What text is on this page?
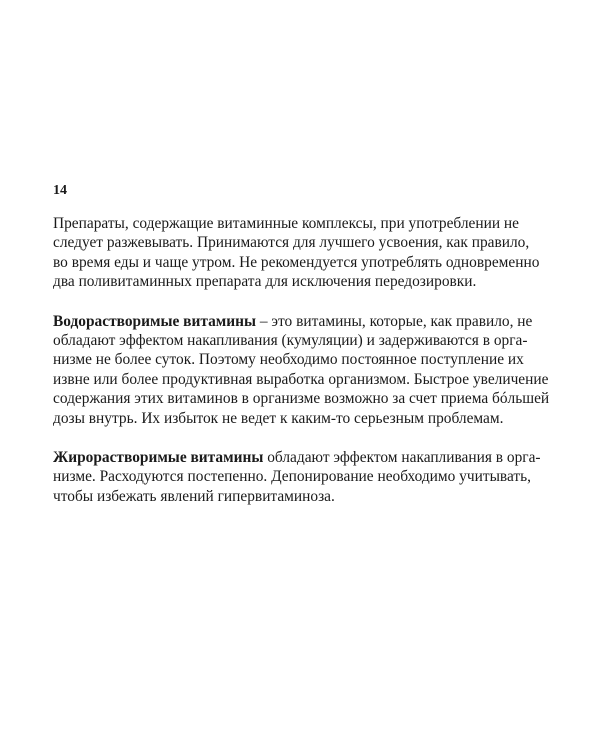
14

Препараты, содержащие витаминные комплексы, при употреблении не
следует разжевывать. Принимаются для лучшего усвоения, как правило,
во время еды и чаще утром. Не рекомендуется употреблять одновременно
два поливитаминных препарата для исключения передозировки.

Водорастворимые витамины – это витамины, которые, как правило, не
обладают эффектом накапливания (кумуляции) и задерживаются в орга-
низме не более суток. Поэтому необходимо постоянное поступление их
извне или более продуктивная выработка организмом. Быстрое увеличение
содержания этих витаминов в организме возможно за счет приема бóльшей
дозы внутрь. Их избыток не ведет к каким-то серьезным проблемам.

Жирорастворимые витамины обладают эффектом накапливания в орга-
низме. Расходуются постепенно. Депонирование необходимо учитывать,
чтобы избежать явлений гипервитаминоза.
